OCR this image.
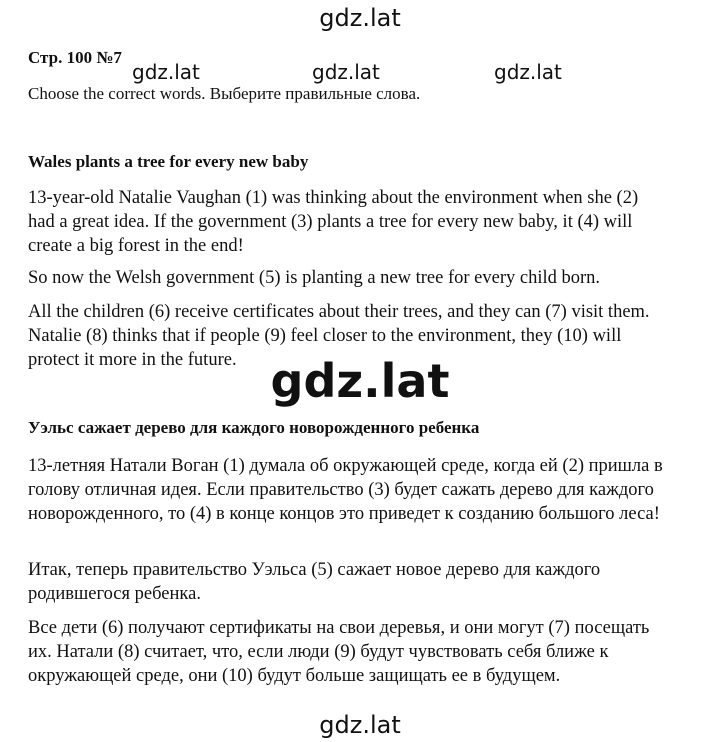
gdz.lat
gdz.lat	gdz.lat	gdz.lat
Стр. 100 №7
Choose the correct words. Выберите правильные слова.
Wales plants a tree for every new baby
13-year-old Natalie Vaughan (1) was thinking about the environment when she (2) had a great idea. If the government (3) plants a tree for every new baby, it (4) will create a big forest in the end!
So now the Welsh government (5) is planting a new tree for every child born.
All the children (6) receive certificates about their trees, and they can (7) visit them. Natalie (8) thinks that if people (9) feel closer to the environment, they (10) will protect it more in the future. gdz.lat
Уэльс сажает дерево для каждого новорожденного ребенка
13-летняя Натали Воган (1) думала об окружающей среде, когда ей (2) пришла в голову отличная идея. Если правительство (3) будет сажать дерево для каждого новорожденного, то (4) в конце концов это приведет к созданию большого леса!
Итак, теперь правительство Уэльса (5) сажает новое дерево для каждого родившегося ребенка.
Все дети (6) получают сертификаты на свои деревья, и они могут (7) посещать их. Натали (8) считает, что, если люди (9) будут чувствовать себя ближе к окружающей среде, они (10) будут больше защищать ее в будущем.
gdz.lat
